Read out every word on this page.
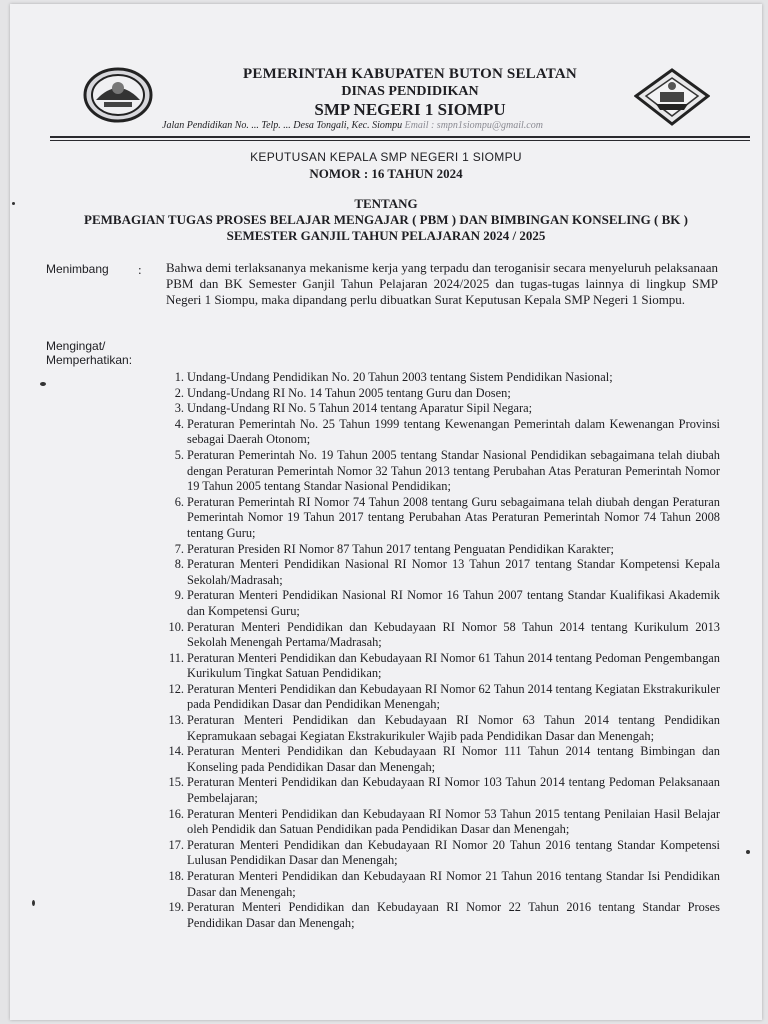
PEMERINTAH KABUPATEN BUTON SELATAN
DINAS PENDIDIKAN
SMP NEGERI 1 SIOMPU
Jalan Pendidikan No. ... Telp. ... Desa Tongali, Kec. Siompu Email : smpn1siompu@gmail.com
KEPUTUSAN KEPALA SMP NEGERI 1 SIOMPU
NOMOR : 16 TAHUN 2024
TENTANG
PEMBAGIAN TUGAS PROSES BELAJAR MENGAJAR ( PBM ) DAN BIMBINGAN KONSELING ( BK )
SEMESTER GANJIL TAHUN PELAJARAN 2024 / 2025
Menimbang : Bahwa demi terlaksananya mekanisme kerja yang terpadu dan teroganisir secara menyeluruh pelaksanaan PBM dan BK Semester Ganjil Tahun Pelajaran 2024/2025 dan tugas-tugas lainnya di lingkup SMP Negeri 1 Siompu, maka dipandang perlu dibuatkan Surat Keputusan Kepala SMP Negeri 1 Siompu.
Mengingat/
Memperhatikan:
1. Undang-Undang Pendidikan No. 20 Tahun 2003 tentang Sistem Pendidikan Nasional;
2. Undang-Undang RI No. 14 Tahun 2005 tentang Guru dan Dosen;
3. Undang-Undang RI No. 5 Tahun 2014 tentang Aparatur Sipil Negara;
4. Peraturan Pemerintah No. 25 Tahun 1999 tentang Kewenangan Pemerintah dalam Kewenangan Provinsi sebagai Daerah Otonom;
5. Peraturan Pemerintah No. 19 Tahun 2005 tentang Standar Nasional Pendidikan sebagaimana telah diubah dengan Peraturan Pemerintah Nomor 32 Tahun 2013 tentang Perubahan Atas Peraturan Pemerintah Nomor 19 Tahun 2005 tentang Standar Nasional Pendidikan;
6. Peraturan Pemerintah RI Nomor 74 Tahun 2008 tentang Guru sebagaimana telah diubah dengan Peraturan Pemerintah Nomor 19 Tahun 2017 tentang Perubahan Atas Peraturan Pemerintah Nomor 74 Tahun 2008 tentang Guru;
7. Peraturan Presiden RI Nomor 87 Tahun 2017 tentang Penguatan Pendidikan Karakter;
8. Peraturan Menteri Pendidikan Nasional RI Nomor 13 Tahun 2017 tentang Standar Kompetensi Kepala Sekolah/Madrasah;
9. Peraturan Menteri Pendidikan Nasional RI Nomor 16 Tahun 2007 tentang Standar Kualifikasi Akademik dan Kompetensi Guru;
10. Peraturan Menteri Pendidikan dan Kebudayaan RI Nomor 58 Tahun 2014 tentang Kurikulum 2013 Sekolah Menengah Pertama/Madrasah;
11. Peraturan Menteri Pendidikan dan Kebudayaan RI Nomor 61 Tahun 2014 tentang Pedoman Pengembangan Kurikulum Tingkat Satuan Pendidikan;
12. Peraturan Menteri Pendidikan dan Kebudayaan RI Nomor 62 Tahun 2014 tentang Kegiatan Ekstrakurikuler pada Pendidikan Dasar dan Pendidikan Menengah;
13. Peraturan Menteri Pendidikan dan Kebudayaan RI Nomor 63 Tahun 2014 tentang Pendidikan Kepramukaan sebagai Kegiatan Ekstrakurikuler Wajib pada Pendidikan Dasar dan Menengah;
14. Peraturan Menteri Pendidikan dan Kebudayaan RI Nomor 111 Tahun 2014 tentang Bimbingan dan Konseling pada Pendidikan Dasar dan Menengah;
15. Peraturan Menteri Pendidikan dan Kebudayaan RI Nomor 103 Tahun 2014 tentang Pedoman Pelaksanaan Pembelajaran;
16. Peraturan Menteri Pendidikan dan Kebudayaan RI Nomor 53 Tahun 2015 tentang Penilaian Hasil Belajar oleh Pendidik dan Satuan Pendidikan pada Pendidikan Dasar dan Menengah;
17. Peraturan Menteri Pendidikan dan Kebudayaan RI Nomor 20 Tahun 2016 tentang Standar Kompetensi Lulusan Pendidikan Dasar dan Menengah;
18. Peraturan Menteri Pendidikan dan Kebudayaan RI Nomor 21 Tahun 2016 tentang Standar Isi Pendidikan Dasar dan Menengah;
19. Peraturan Menteri Pendidikan dan Kebudayaan RI Nomor 22 Tahun 2016 tentang Standar Proses Pendidikan Dasar dan Menengah;
